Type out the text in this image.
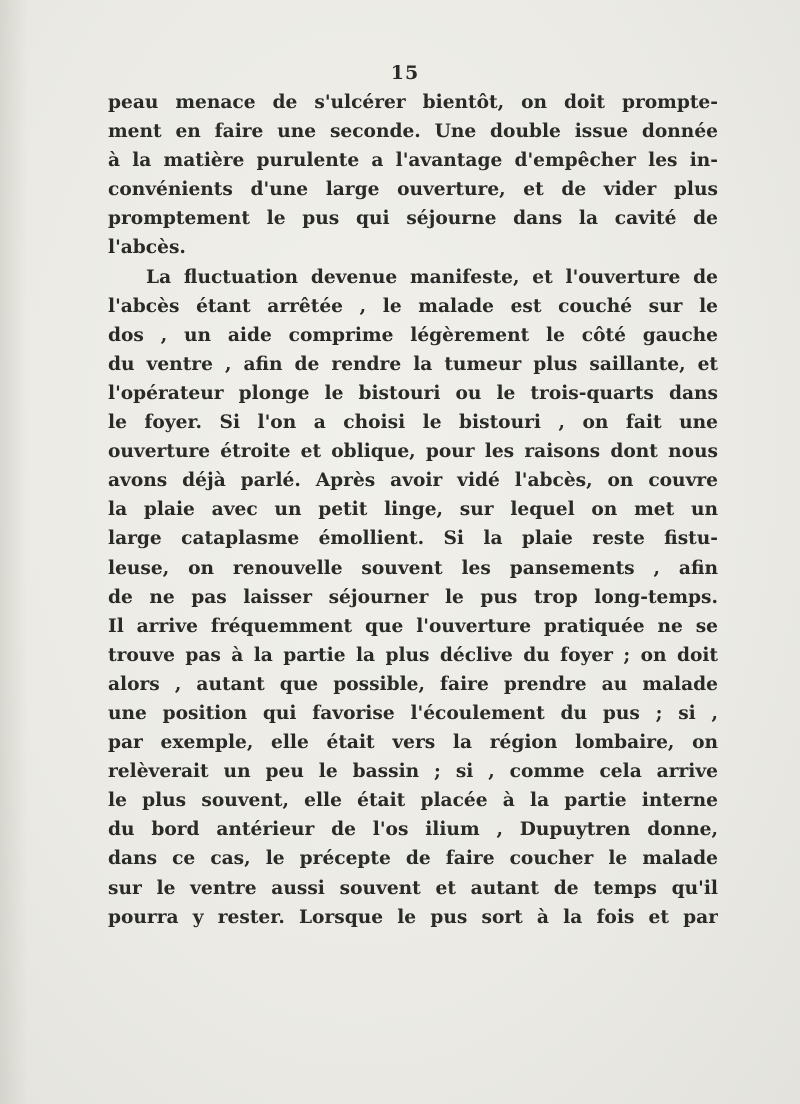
15
peau menace de s'ulcérer bientôt, on doit prompte-
ment en faire une seconde. Une double issue donnée
à la matière purulente a l'avantage d'empêcher les in-
convénients d'une large ouverture, et de vider plus
promptement le pus qui séjourne dans la cavité de
l'abcès.
La fluctuation devenue manifeste, et l'ouverture de
l'abcès étant arrêtée , le malade est couché sur le
dos , un aide comprime légèrement le côté gauche
du ventre , afin de rendre la tumeur plus saillante, et
l'opérateur plonge le bistouri ou le trois-quarts dans
le foyer. Si l'on a choisi le bistouri , on fait une
ouverture étroite et oblique, pour les raisons dont nous
avons déjà parlé. Après avoir vidé l'abcès, on couvre
la plaie avec un petit linge, sur lequel on met un
large cataplasme émollient. Si la plaie reste fistu-
leuse, on renouvelle souvent les pansements , afin
de ne pas laisser séjourner le pus trop long-temps.
Il arrive fréquemment que l'ouverture pratiquée ne se
trouve pas à la partie la plus déclive du foyer ; on doit
alors , autant que possible, faire prendre au malade
une position qui favorise l'écoulement du pus ; si ,
par exemple, elle était vers la région lombaire, on
relèverait un peu le bassin ; si , comme cela arrive
le plus souvent, elle était placée à la partie interne
du bord antérieur de l'os ilium , Dupuytren donne,
dans ce cas, le précepte de faire coucher le malade
sur le ventre aussi souvent et autant de temps qu'il
pourra y rester. Lorsque le pus sort à la fois et par
